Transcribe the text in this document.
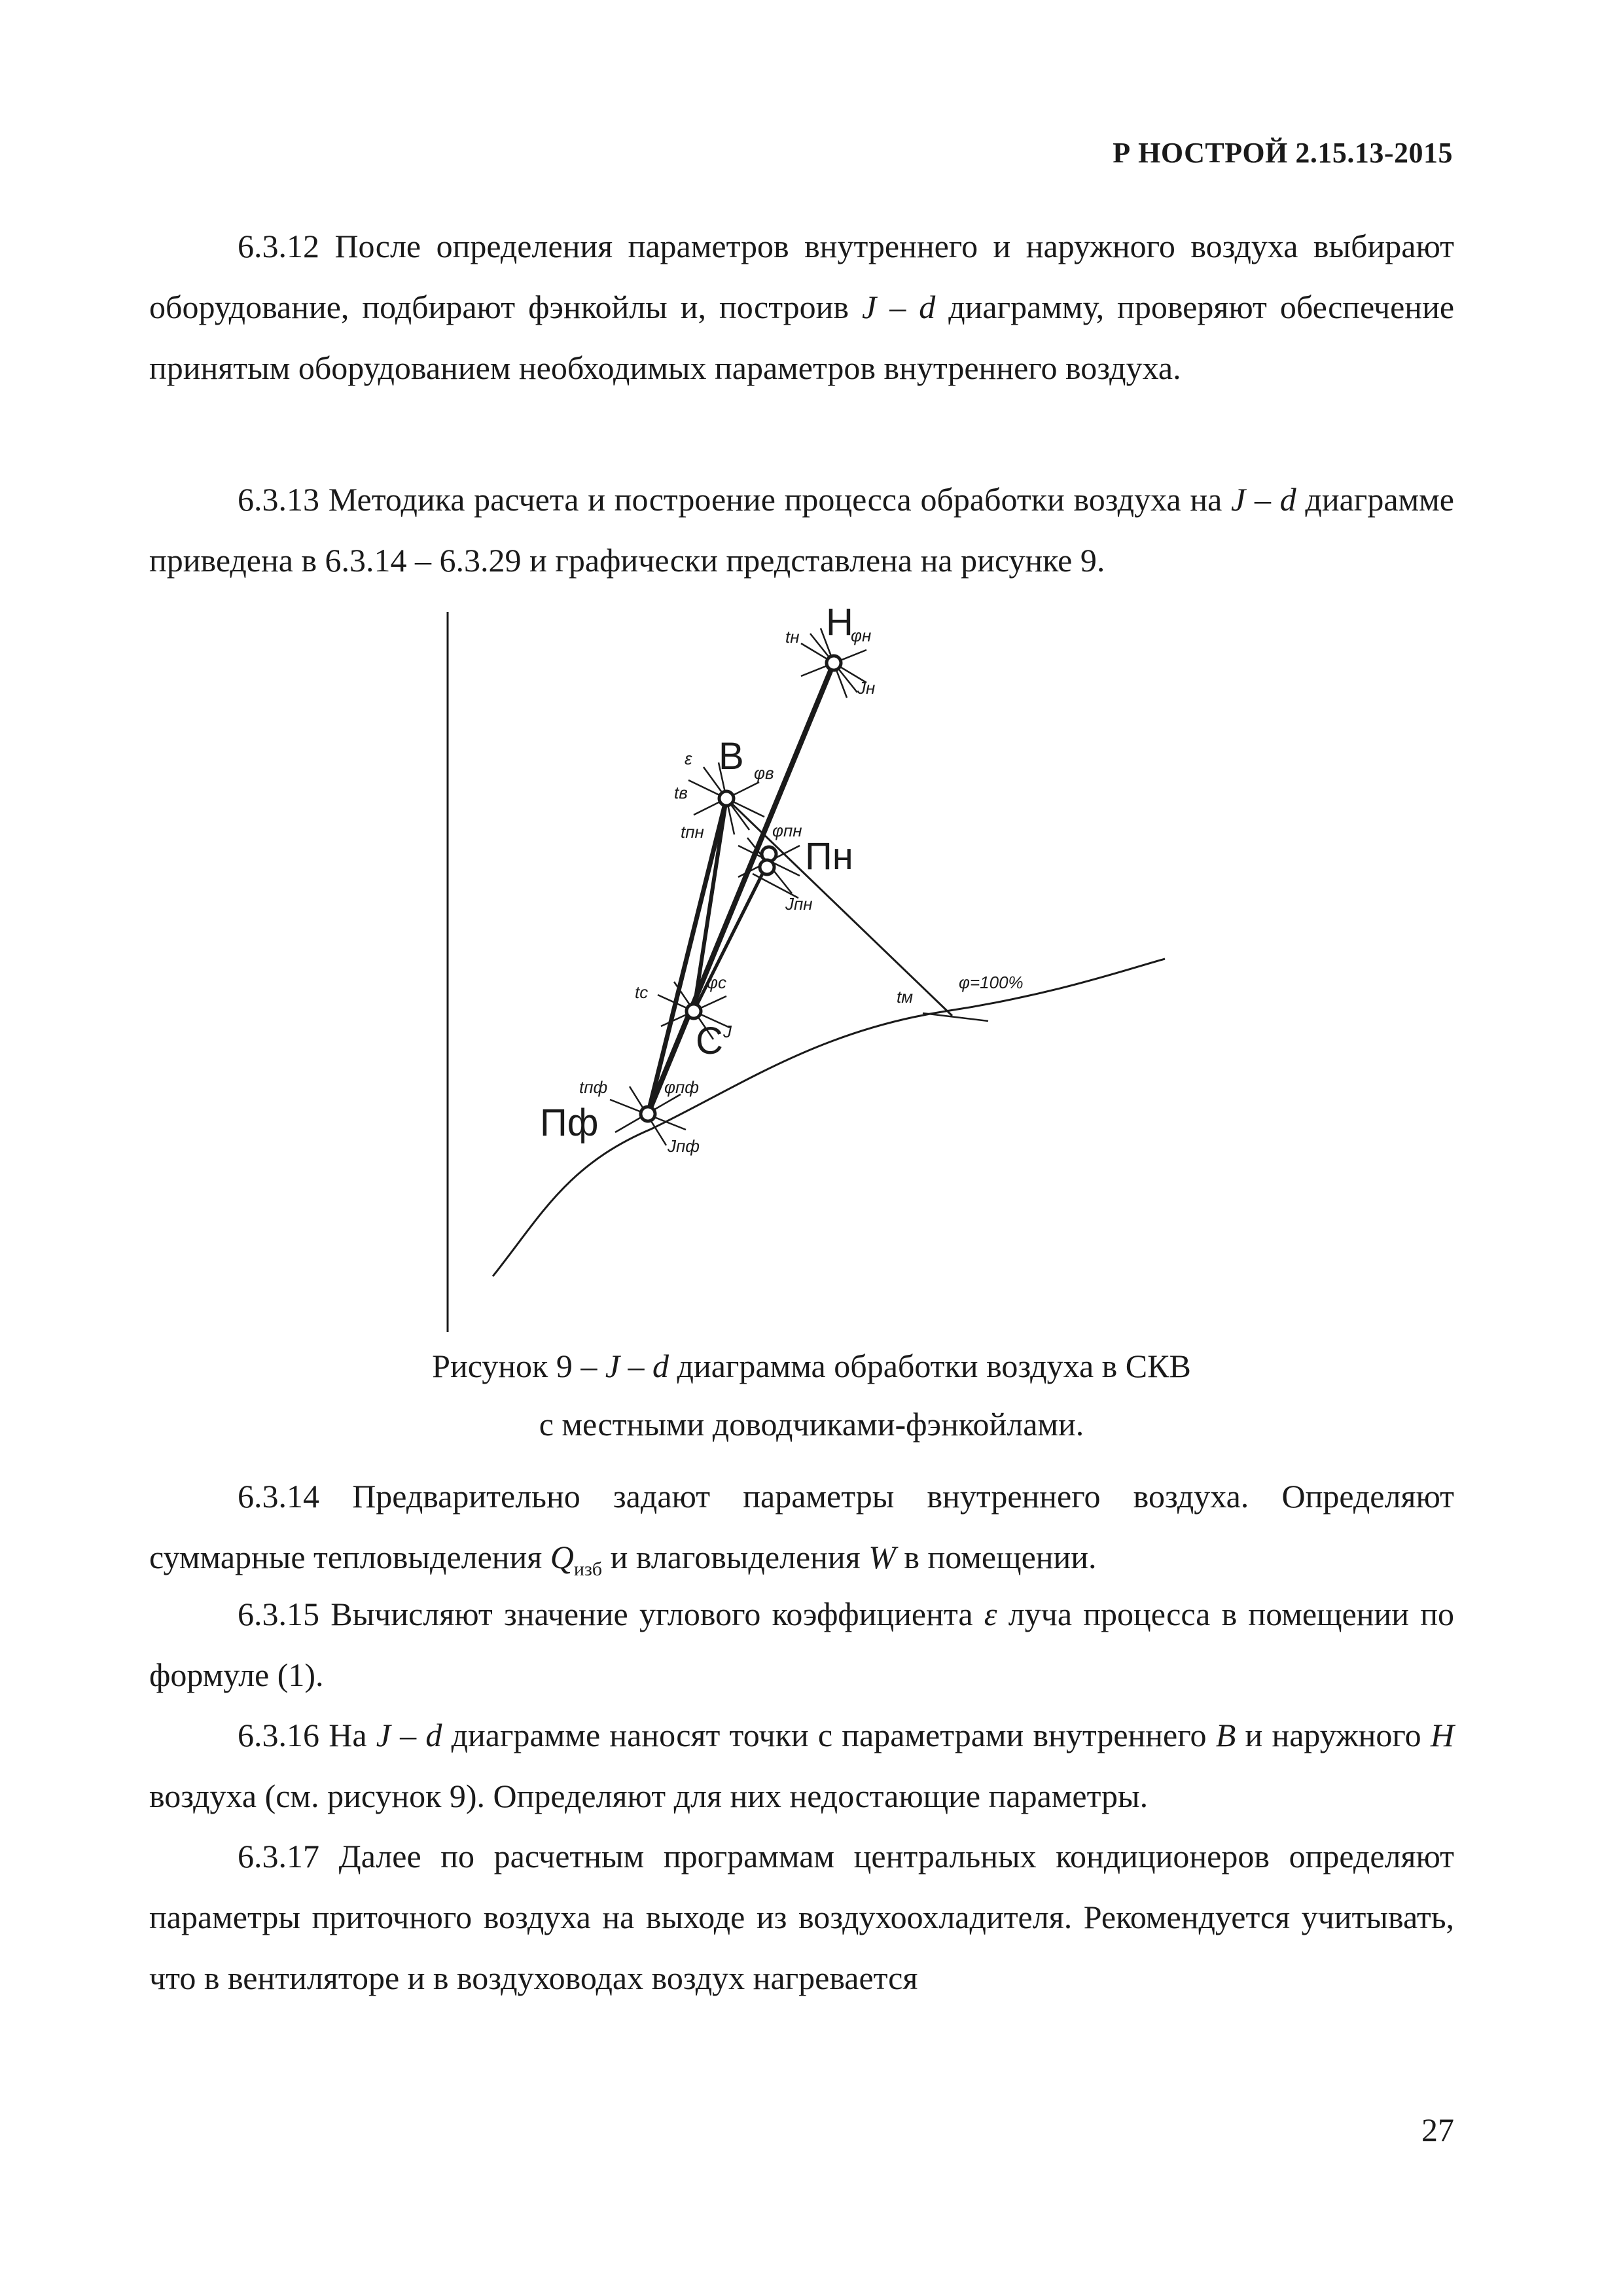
Р НОСТРОЙ 2.15.13-2015

6.3.12 После определения параметров внутреннего и наружного воздуха выбирают оборудование, подбирают фэнкойлы и, построив J – d диаграмму, проверяют обеспечение принятым оборудованием необходимых параметров внутреннего воздуха.

6.3.13 Методика расчета и построение процесса обработки воздуха на J – d диаграмме приведена в 6.3.14 – 6.3.29 и графически представлена на рисунке 9.

Н
tн	φн
Jн
В
ε
tв
φв
tпн	φпн
Пн
Jпн
tс	φс
С J
tпф	φпф
Пф
Jпф
tм
φ=100%

Рисунок 9 – J – d диаграмма обработки воздуха в СКВ

с местными доводчиками-фэнкойлами.

6.3.14 Предварительно задают параметры внутреннего воздуха. Определяют суммарные тепловыделения $Q_{изб}$ и влаговыделения W в помещении.

6.3.15 Вычисляют значение углового коэффициента ε луча процесса в помещении по формуле (1).

6.3.16 На J – d диаграмме наносят точки с параметрами внутреннего В и наружного Н воздуха (см. рисунок 9). Определяют для них недостающие параметры.

6.3.17 Далее по расчетным программам центральных кондиционеров определяют параметры приточного воздуха на выходе из воздухоохладителя. Рекомендуется учитывать, что в вентиляторе и в воздуховодах воздух нагревается

27
